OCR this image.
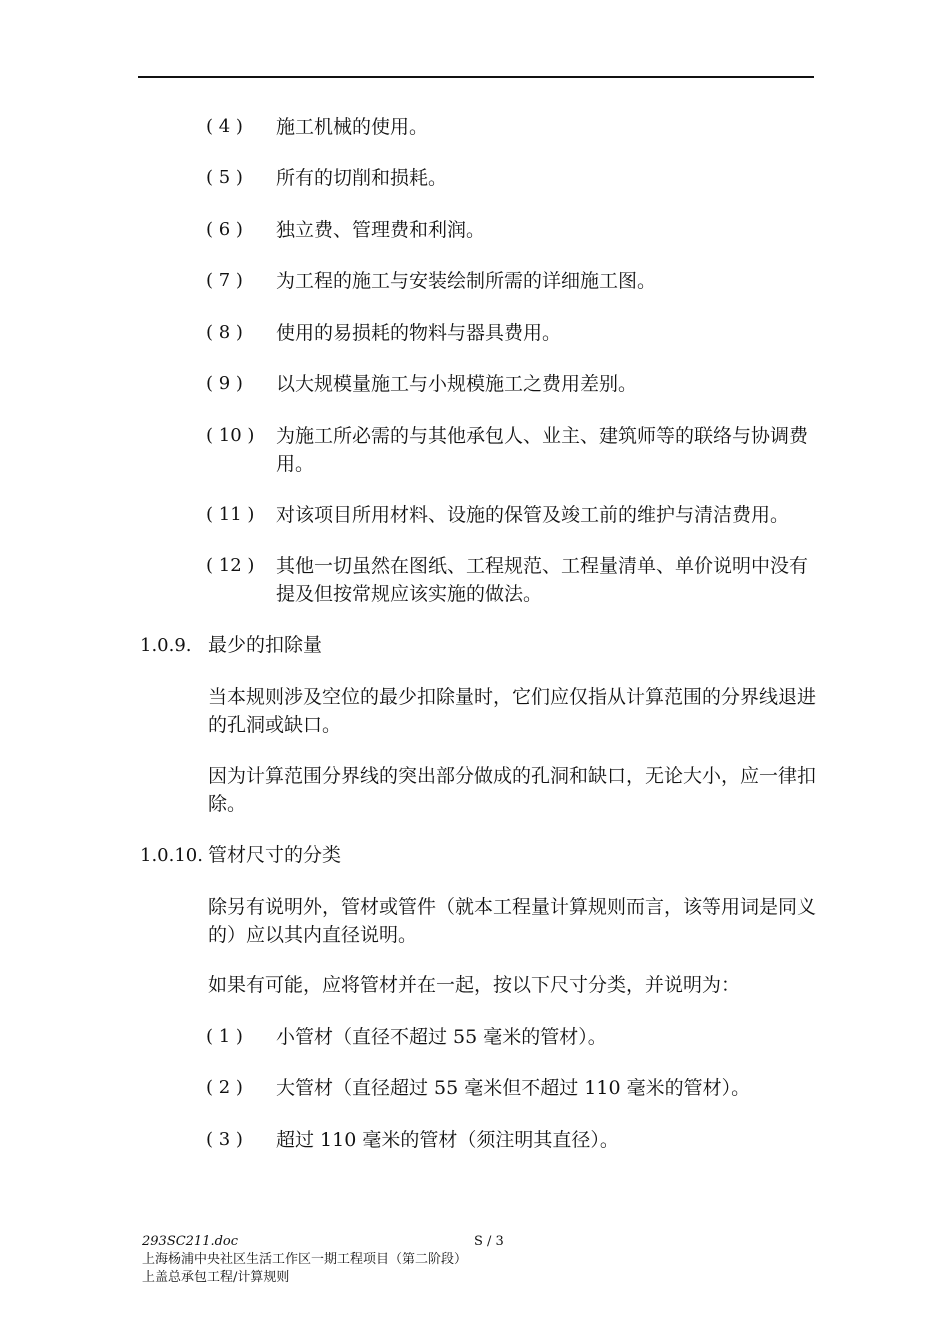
( 4 )	施工机械的使用。
( 5 )	所有的切削和损耗。
( 6 )	独立费、管理费和利润。
( 7 )	为工程的施工与安装绘制所需的详细施工图。
( 8 )	使用的易损耗的物料与器具费用。
( 9 )	以大规模量施工与小规模施工之费用差别。
( 10 )	为施工所必需的与其他承包人、业主、建筑师等的联络与协调费用。
( 11 )	对该项目所用材料、设施的保管及竣工前的维护与清洁费用。
( 12 )	其他一切虽然在图纸、工程规范、工程量清单、单价说明中没有提及但按常规应该实施的做法。
1.0.9. 最少的扣除量
当本规则涉及空位的最少扣除量时，它们应仅指从计算范围的分界线退进的孔洞或缺口。
因为计算范围分界线的突出部分做成的孔洞和缺口，无论大小，应一律扣除。
1.0.10. 管材尺寸的分类
除另有说明外，管材或管件（就本工程量计算规则而言，该等用词是同义的）应以其内直径说明。
如果有可能，应将管材并在一起，按以下尺寸分类，并说明为：
( 1 )	小管材（直径不超过 55 毫米的管材）。
( 2 )	大管材（直径超过 55 毫米但不超过 110 毫米的管材）。
( 3 )	超过 110 毫米的管材（须注明其直径）。
293SC211.doc	S / 3
上海杨浦中央社区生活工作区一期工程项目（第二阶段）
上盖总承包工程/计算规则
